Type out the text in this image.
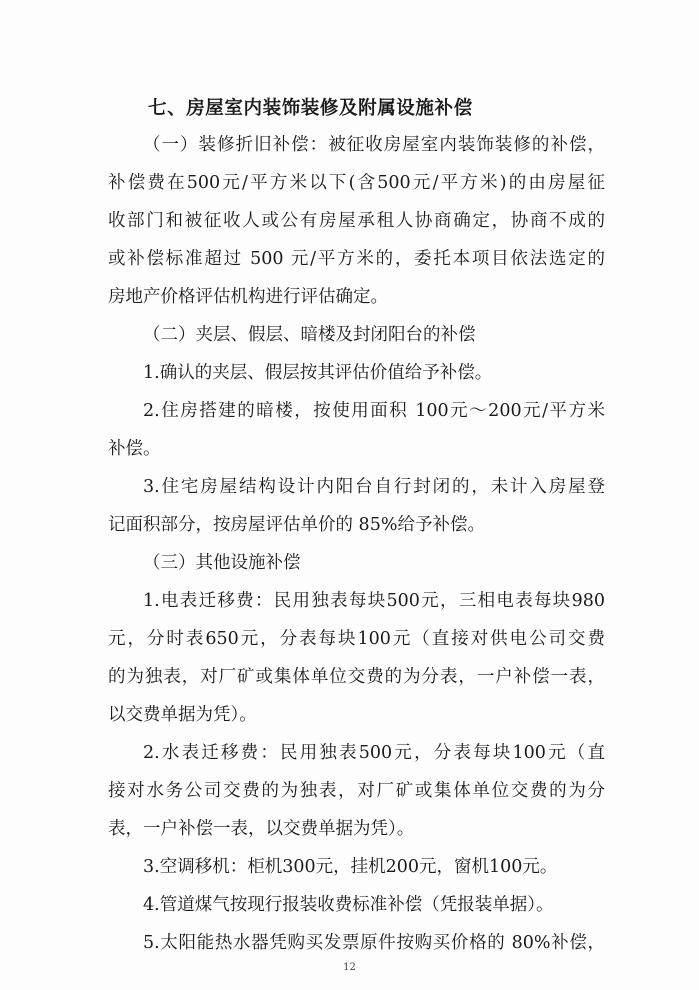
七、房屋室内装饰装修及附属设施补偿
（一）装修折旧补偿：被征收房屋室内装饰装修的补偿，
补偿费在500元/平方米以下(含500元/平方米)的由房屋征
收部门和被征收人或公有房屋承租人协商确定，协商不成的
或补偿标准超过 500 元/平方米的，委托本项目依法选定的
房地产价格评估机构进行评估确定。
（二）夹层、假层、暗楼及封闭阳台的补偿
1.确认的夹层、假层按其评估价值给予补偿。
2.住房搭建的暗楼，按使用面积 100元～200元/平方米
补偿。
3.住宅房屋结构设计内阳台自行封闭的，未计入房屋登
记面积部分，按房屋评估单价的 85%给予补偿。
（三）其他设施补偿
1.电表迁移费：民用独表每块500元，三相电表每块980
元，分时表650元，分表每块100元（直接对供电公司交费
的为独表，对厂矿或集体单位交费的为分表，一户补偿一表，
以交费单据为凭）。
2.水表迁移费：民用独表500元，分表每块100元（直
接对水务公司交费的为独表，对厂矿或集体单位交费的为分
表，一户补偿一表，以交费单据为凭）。
3.空调移机：柜机300元，挂机200元，窗机100元。
4.管道煤气按现行报装收费标准补偿（凭报装单据）。
5.太阳能热水器凭购买发票原件按购买价格的 80%补偿，
12
